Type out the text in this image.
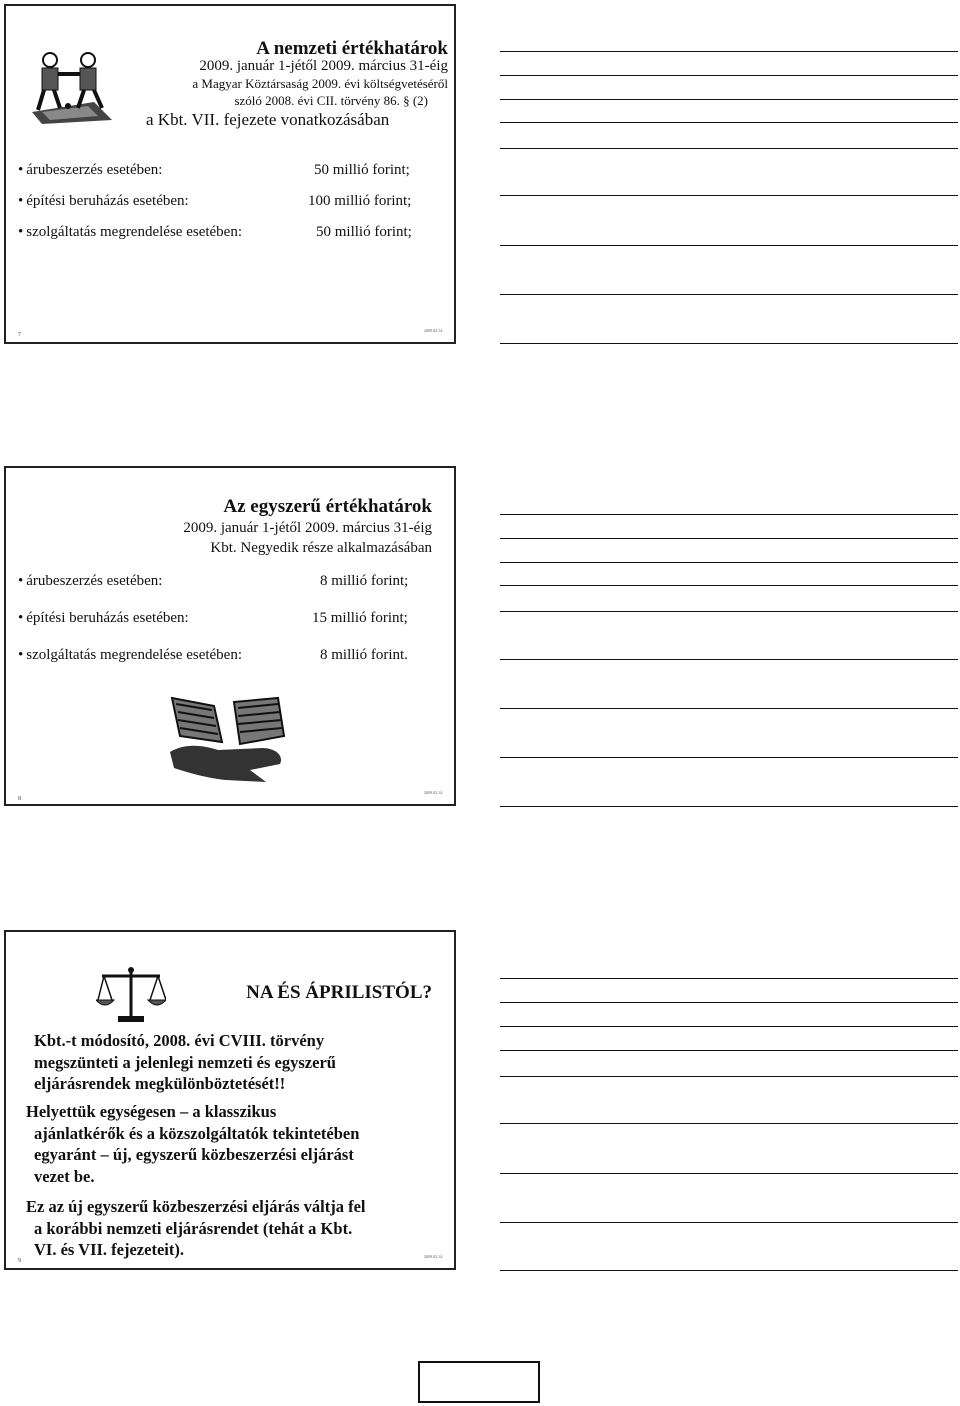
A nemzeti értékhatárok
2009. január 1-jétől 2009. március 31-éig
a Magyar Köztársaság 2009. évi költségvetéséről
szóló 2008. évi CII. törvény 86. § (2)
a Kbt. VII. fejezete vonatkozásában
• árubeszerzés esetében:	50 millió forint;
• építési beruházás esetében:	100 millió forint;
• szolgáltatás megrendelése esetében:	50 millió forint;
7
2009.02.14.
Az egyszerű értékhatárok
2009. január 1-jétől 2009. március 31-éig
Kbt. Negyedik része alkalmazásában
• árubeszerzés esetében:	8 millió forint;
• építési beruházás esetében:	15 millió forint;
• szolgáltatás megrendelése esetében:	8 millió forint.
8
2009.02.14.
NA ÉS ÁPRILISTÓL?
Kbt.-t módosító, 2008. évi CVIII. törvény
megszünteti a jelenlegi nemzeti és egyszerű
eljárásrendek megkülönböztetését!!
Helyettük egységesen – a klasszikus
ajánlatkérők és a közszolgáltatók tekintetében
egyaránt – új, egyszerű közbeszerzési eljárást
vezet be.
Ez az új egyszerű közbeszerzési eljárás váltja fel
a korábbi nemzeti eljárásrendet (tehát a Kbt.
VI. és VII. fejezeteit).
9
2009.02.14.
